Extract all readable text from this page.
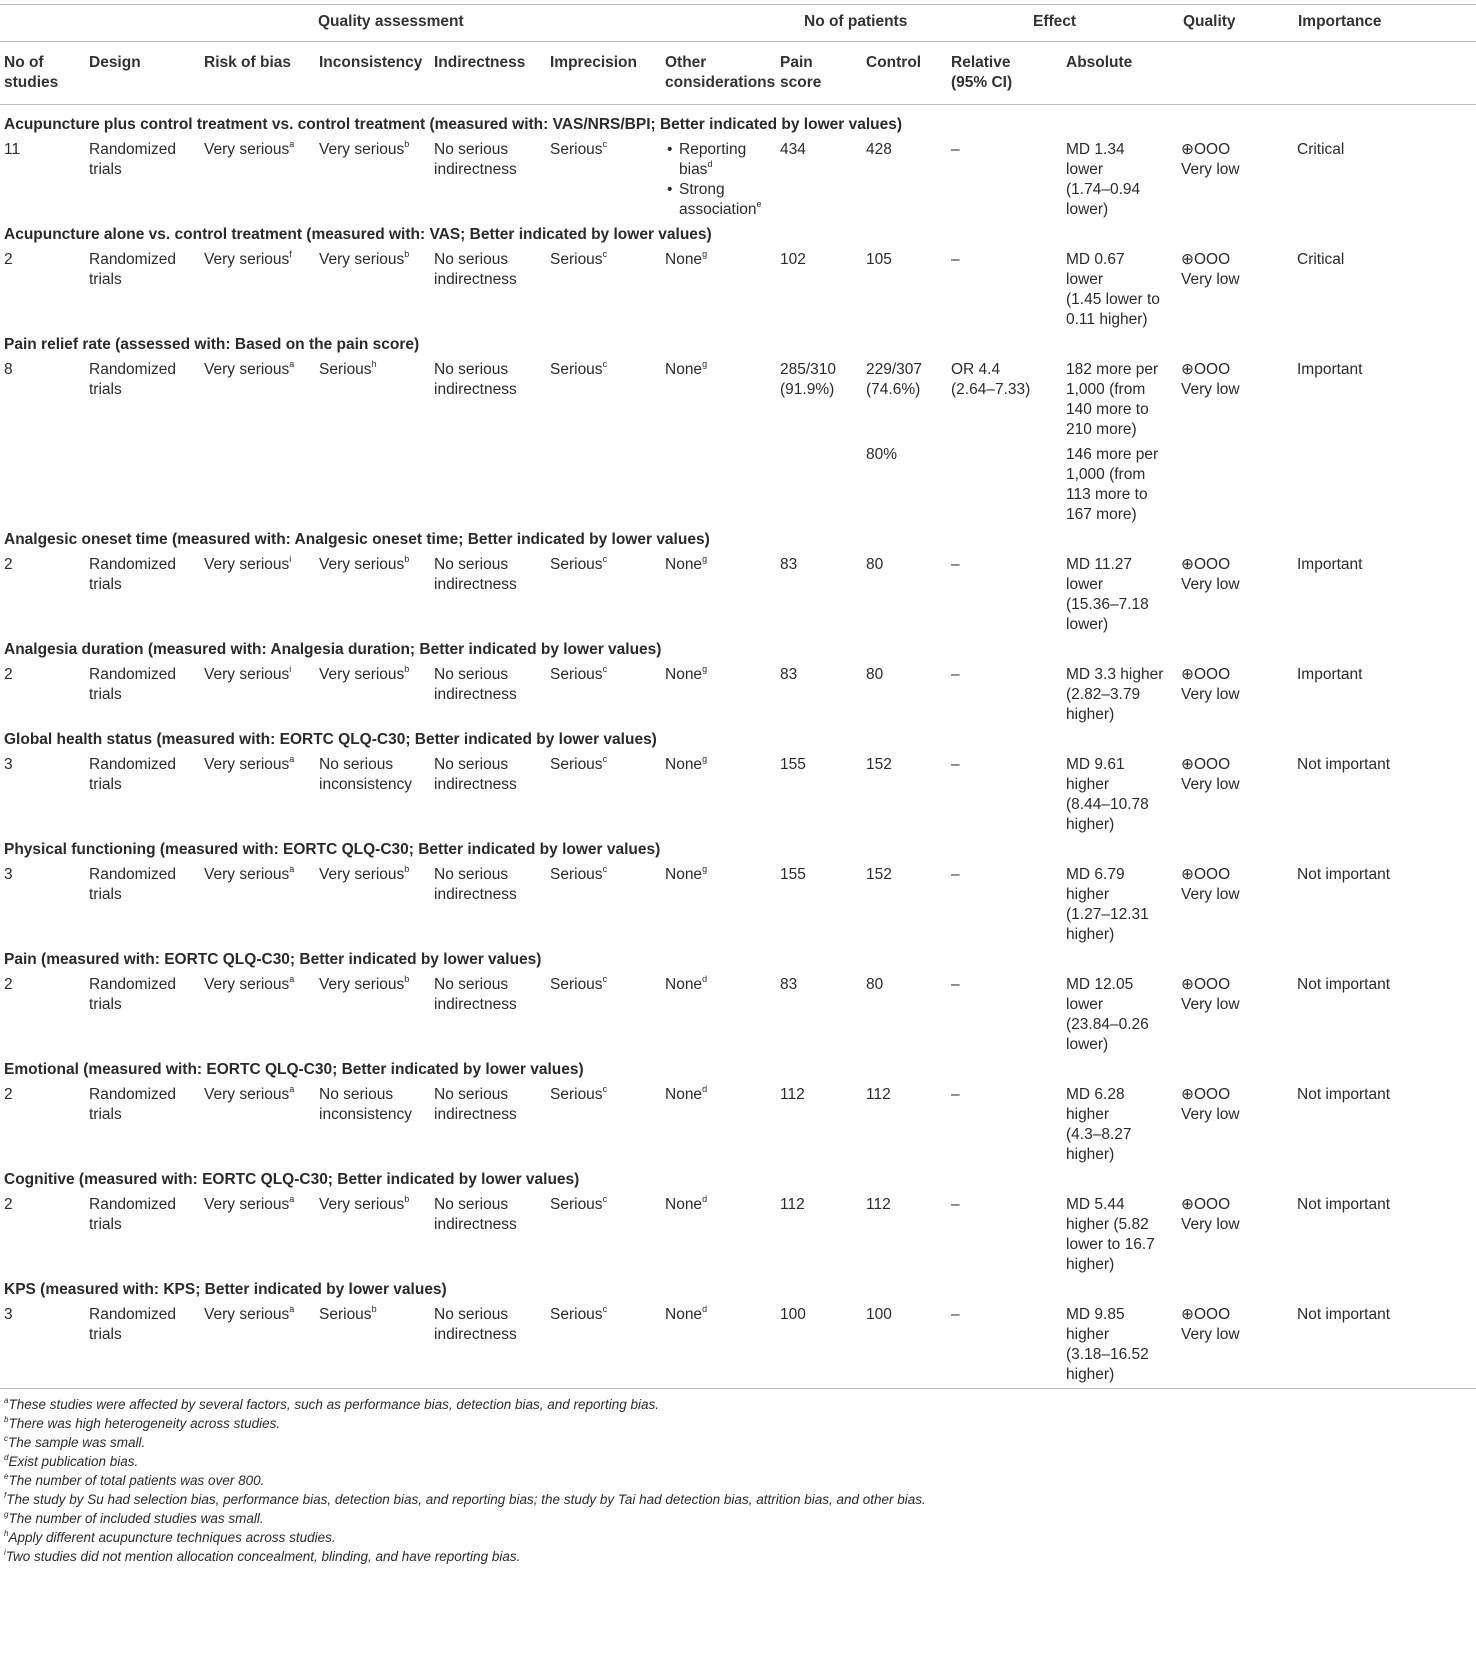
Quality assessment	No of patients	Effect	Quality	Importance
No of
studies
Design	Risk of bias Inconsistency Indirectness Imprecision Other
considerations
Pain
score
Control Relative
(95% CI)
Absolute
Acupuncture plus control treatment vs. control treatment (measured with: VAS/NRS/BPI; Better indicated by lower values)
11	Randomized
trials
Very serious$^a$ Very serious$^b$ No serious
indirectness
Serious$^c$
•	Reporting
bias$^d$
• Strong
association$^e$
434	428	–	MD 1.34
lower
(1.74–0.94
lower)
⊕OOO
Very low
Critical
Acupuncture alone vs. control treatment (measured with: VAS; Better indicated by lower values)
2	Randomized
trials
Very serious$^f$ Very serious$^b$ No serious
indirectness
Serious$^c$	None$^g$	102	105	–	MD 0.67
lower
(1.45 lower to
0.11 higher)
⊕OOO
Very low
Critical
Pain relief rate (assessed with: Based on the pain score)
8	Randomized
trials
Very serious$^a$ Serious$^h$	No serious
indirectness
Serious$^c$	None$^g$	285/310
(91.9%)
229/307
(74.6%)
OR 4.4
(2.64–7.33)
182 more per
1,000 (from
140 more to
210 more)
⊕OOO
Very low
Important
80%	146 more per
1,000 (from
113 more to
167 more)
Analgesic oneset time (measured with: Analgesic oneset time; Better indicated by lower values)
2	Randomized
trials
Very serious$^i$ Very serious$^b$ No serious
indirectness
Serious$^c$	None$^g$	83	80	–	MD 11.27
lower
(15.36–7.18
lower)
⊕OOO
Very low
Important
Analgesia duration (measured with: Analgesia duration; Better indicated by lower values)
2	Randomized
trials
Very serious$^i$ Very serious$^b$ No serious
indirectness
Serious$^c$	None$^g$	83	80	–	MD 3.3 higher
(2.82–3.79
higher)
⊕OOO
Very low
Important
Global health status (measured with: EORTC QLQ-C30; Better indicated by lower values)
3	Randomized
trials
Very serious$^a$ No serious
inconsistency
No serious
indirectness
Serious$^c$	None$^g$	155	152	–	MD 9.61
higher
(8.44–10.78
higher)
⊕OOO
Very low
Not important
Physical functioning (measured with: EORTC QLQ-C30; Better indicated by lower values)
3	Randomized
trials
Very serious$^a$ Very serious$^b$ No serious
indirectness
Serious$^c$	None$^g$	155	152	–	MD 6.79
higher
(1.27–12.31
higher)
⊕OOO
Very low
Not important
Pain (measured with: EORTC QLQ-C30; Better indicated by lower values)
2	Randomized
trials
Very serious$^a$ Very serious$^b$ No serious
indirectness
Serious$^c$	None$^d$	83	80	–	MD 12.05
lower
(23.84–0.26
lower)
⊕OOO
Very low
Not important
Emotional (measured with: EORTC QLQ-C30; Better indicated by lower values)
2	Randomized
trials
Very serious$^a$ No serious
inconsistency
No serious
indirectness
Serious$^c$	None$^d$	112	112	–	MD 6.28
higher
(4.3–8.27
higher)
⊕OOO
Very low
Not important
Cognitive (measured with: EORTC QLQ-C30; Better indicated by lower values)
2	Randomized
trials
Very serious$^a$ Very serious$^b$ No serious
indirectness
Serious$^c$	None$^d$	112	112	–	MD 5.44
higher (5.82
lower to 16.7
higher)
⊕OOO
Very low
Not important
KPS (measured with: KPS; Better indicated by lower values)
3	Randomized
trials
Very serious$^a$ Serious$^b$	No serious
indirectness
Serious$^c$	None$^d$	100	100	–	MD 9.85
higher
(3.18–16.52
higher)
⊕OOO
Very low
Not important
$^a$These studies were affected by several factors, such as performance bias, detection bias, and reporting bias.
$^b$There was high heterogeneity across studies.
$^c$The sample was small.
$^d$Exist publication bias.
$^e$The number of total patients was over 800.
$^f$The study by Su had selection bias, performance bias, detection bias, and reporting bias; the study by Tai had detection bias, attrition bias, and other bias.
$^g$The number of included studies was small.
$^h$Apply different acupuncture techniques across studies.
$^i$Two studies did not mention allocation concealment, blinding, and have reporting bias.
